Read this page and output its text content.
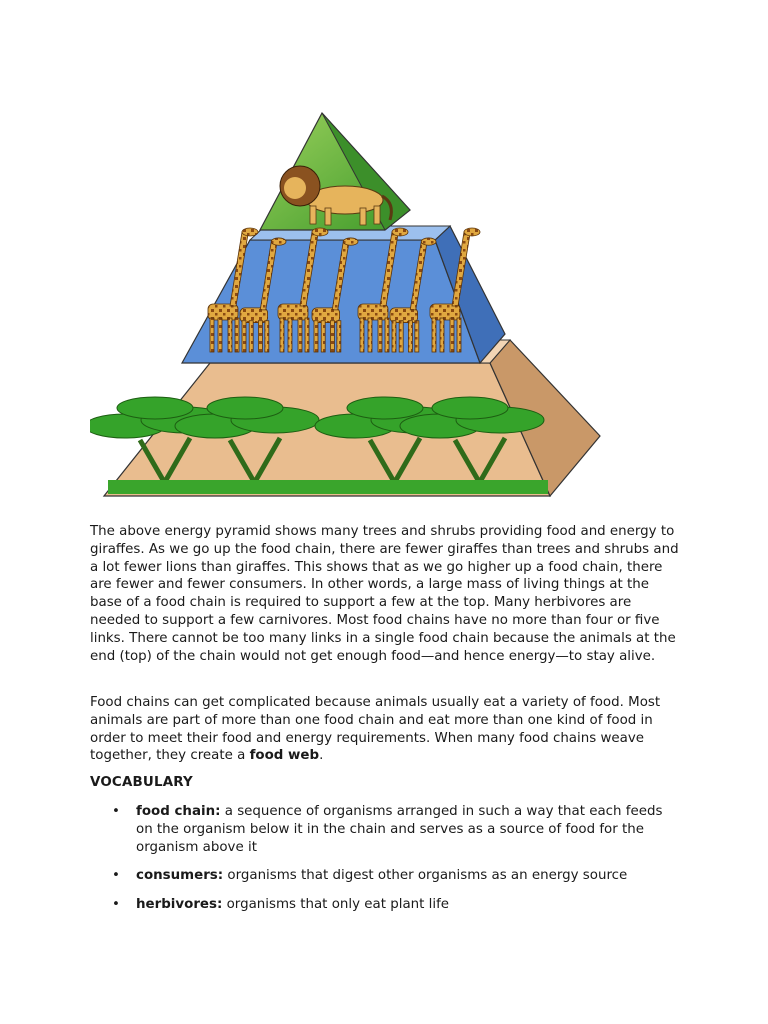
The above energy pyramid shows many trees and shrubs providing food and energy to giraffes. As we go up the food chain, there are fewer giraffes than trees and shrubs and a lot fewer lions than giraffes. This shows that as we go higher up a food chain, there are fewer and fewer consumers. In other words, a large mass of living things at the base of a food chain is required to support a few at the top. Many herbivores are needed to support a few carnivores. Most food chains have no more than four or five links. There cannot be too many links in a single food chain because the animals at the end (top) of the chain would not get enough food—and hence energy—to stay alive.
Food chains can get complicated because animals usually eat a variety of food. Most animals are part of more than one food chain and eat more than one kind of food in order to meet their food and energy requirements. When many food chains weave together, they create a food web.
VOCABULARY
• food chain: a sequence of organisms arranged in such a way that each feeds on the organism below it in the chain and serves as a source of food for the organism above it
• consumers: organisms that digest other organisms as an energy source
• herbivores: organisms that only eat plant life
